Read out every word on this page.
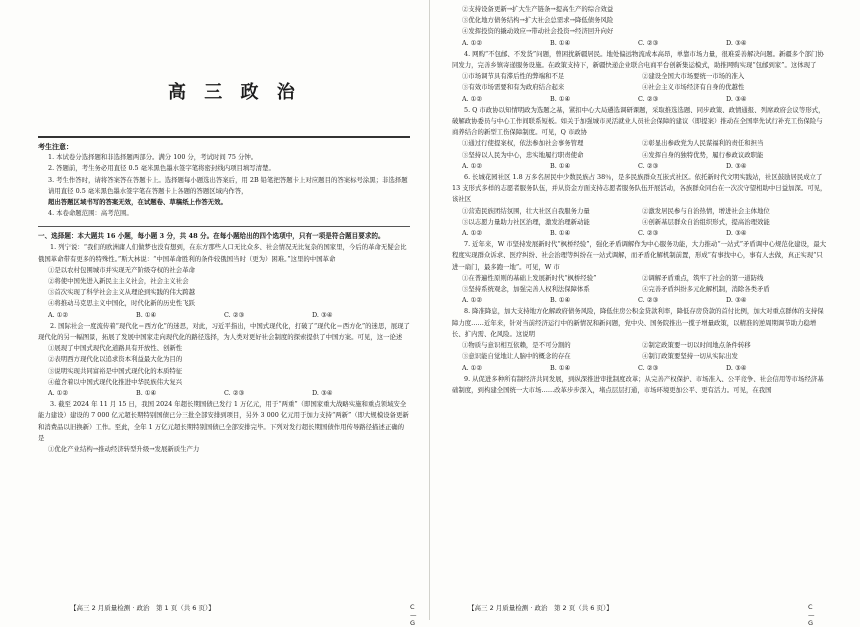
高 三 政 治
考生注意：
1. 本试卷分选择题和非选择题两部分。满分 100 分，考试时间 75 分钟。
2. 答题前，考生务必用直径 0.5 毫米黑色墨水签字笔将密封线内项目填写清楚。
3. 考生作答时，请将答案答在答题卡上。选择题每小题选出答案后，用 2B 铅笔把答题卡上对应题目的答案标号涂黑；非选择题请用直径 0.5 毫米黑色墨水签字笔在答题卡上各题的答题区域内作答，
超出答题区域书写的答案无效，在试题卷、草稿纸上作答无效。
4. 本卷命题范围：高考范围。
一、选择题：本大题共 16 小题，每小题 3 分，共 48 分。在每小题给出的四个选项中，只有一项是符合题目要求的。

1. 列宁说：“我们的欧洲庸人们做梦也没有想到，在东方那些人口无比众多、社会情况无比复杂的国家里，今后的革命无疑会比俄国革命带有更多的特殊性。”斯大林说：“中国革命胜利的条件较俄国当时（更为）困难。”这里的中国革命

①是以农村包围城市并实现无产阶级夺权的社会革命
②将使中国先进入新民主主义社会，社会主义社会
③首次实现了科学社会主义从理论到实践的伟大跨越
④将推动马克思主义中国化，时代化新的历史性飞跃
A. ①②	B. ①④	C. ②③	D. ③④

2. 国际社会一度流传着“现代化＝西方化”的迷思，对此，习近平指出，中国式现代化，打破了“现代化＝西方化”的迷思，展现了现代化的另一幅图景，拓展了发展中国家走向现代化的路径选择，为人类对更好社会制度的探索提供了中国方案。可见，这一论述

①展现了中国式现代化道路具有开放性、创新性
②表明西方现代化以追求资本利益最大化为目的
③说明实现共同富裕是中国式现代化的本质特征
④蕴含着以中国式现代化推进中华民族伟大复兴
A. ①②	B. ①④	C. ②③	D. ③④

3. 截至 2024 年 11 月 15 日，我国 2024 年超长期国债已发行 1 万亿元，用于“两重”（即国家重大战略实施和重点领域安全能力建设）建设的 7 000 亿元超长期特别国债已分三批全部安排到项目，另外 3 000 亿元用于加力支持“两新”（即大规模设备更新和消费品以旧换新）工作。至此，全年 1 万亿元超长期特别国债已全部安排完毕。下列对发行超长期国债作用传导路径描述正确的是

①优化产业结构→推动经济转型升级→发展新质生产力
【高三 2 月质量检测 · 政治　第 1 页（共 6 页）】	C—G
②支持设备更新→扩大生产链条→提高生产的综合效益
③优化地方债务结构→扩大社会总需求→降低债务风险
④发挥投资的撬动效应→带动社会投资→经济回升向好
A. ①②	B. ①④	C. ②③	D. ③④

4. 网购“不包邮、不发货”问题，曾困扰新疆居民。地处偏远物流成本高昂，单靠市场力量，很难妥善解决问题。新疆多个部门协同发力，完善乡镇寄递服务设施。在政策支持下，新疆快递企业联合电商平台创新集运模式，助推网购实现“包邮到家”。这体现了

①市场调节具有滞后性的弊端和不足	②建设全国大市场要统一市场的准入
③有效市场需要和有为政府结合起来	④社会主义市场经济有自身的优越性
A. ①②	B. ①④	C. ②③	D. ③④

5. Q 市政协以知情明政为选题之基，紧扣中心大局遴选调研课题，采取推选选题、同步政策、政情通报、列席政府会议等形式，破解政协委员与中心工作间联系短板。如关于加强城市灵活就业人员社会保障的建议（即提案）推动在全国率先试行补充工伤保险与商养结合的新型工伤保障制度。可见，Q 市政协

①通过行使提案权，依法参加社会事务管理	②彰显出参政党为人民谋福利的责任和担当
③坚持以人民为中心，忠实地履行职责使命	④发挥自身的独特优势，履行参政议政职能
A. ①②	B. ①④	C. ②③	D. ③④

6. 长城花园社区 1.8 万多名居民中少数民族占 38％，是多民族群众互嵌式社区。依托新时代文明实践站，社区鼓励居民成立了 13 支形式多样的志愿者服务队伍，并从资金方面支持志愿者服务队伍开展活动，各族群众同台在一次次守望相助中日益加深。可见，该社区

①营造民族团结氛围，壮大社区自我服务力量	②激发居民参与自治热情，增进社会主体地位
③以志愿力量助力社区治理，激发治理新动能	④创新基层群众自治组织形式，提高治理效能
A. ①②	B. ①④	C. ②③	D. ③④

7. 近年来，W 市坚持发展新时代“枫桥经验”，强化矛盾调解作为中心服务功能，大力推动“一站式”矛盾调中心规范化建设，最大程度实现群众诉求、医疗纠纷、社会治理等纠纷在一站式调解，而矛盾化解机制前置，形成“有事找中心，事有人去做，真正实现“只进一扇门，最多跑一地”。可见，W 市

①在普遍性原则的基础上发展新时代“枫桥经验”	②调解矛盾重点，筑牢了社会的第一道防线
③坚持系统观念，加强完善人权利法保障体系	④完善矛盾纠纷多元化解机制，消除各类矛盾
A. ①②	B. ①④	C. ②③	D. ③④

8. 降准降息，加大支持地方化解政府债务风险，降低住房公积金贷款利率，降低存房贷款的首付比例，加大对重点群体的支持保障力度……近年来，针对当前经济运行中的新情况和新问题，党中央、国务院推出一揽子增量政策，以精准的逆周期调节助力稳增长、扩内需、化风险。这说明

①物质与意识相互依赖，是不可分割的	②制定政策要一切以时间地点条件转移
③意识能自觉地让人脑中的概念的存在	④制订政策要坚持一切从实际出发
A. ①②	B. ①④	C. ②③	D. ③④

9. 从促进多种所有制经济共同发展，到纵深推进审批制度改革；从完善产权保护、市场准入、公平竞争、社会信用等市场经济基础制度，到构建全国统一大市场……改革步步深入，堵点层层打通，市场环境更加公平、更有活力。可见，在我国

【高三 2 月质量检测 · 政治　第 2 页（共 6 页）】	C—G
